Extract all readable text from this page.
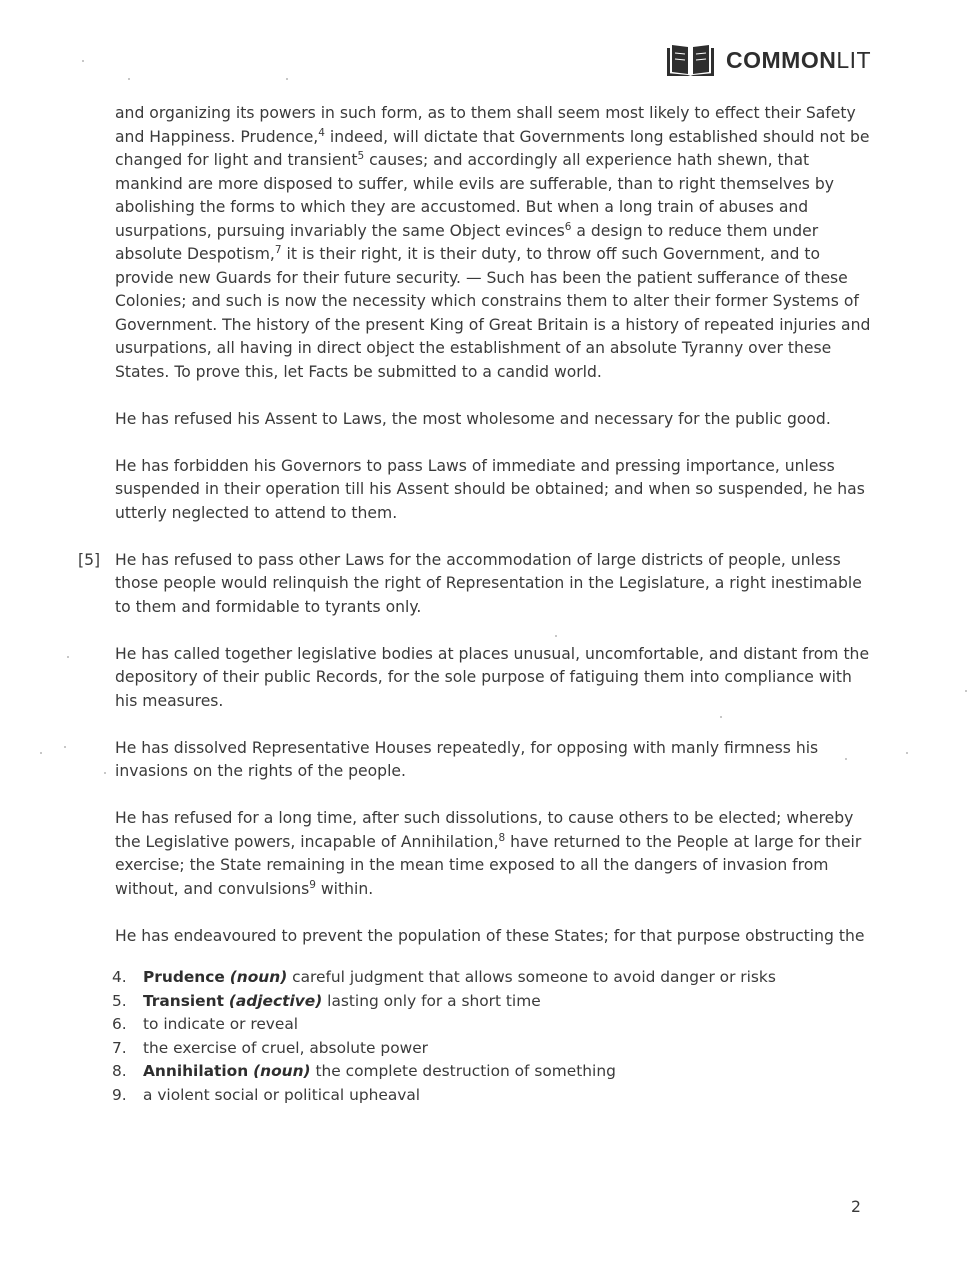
COMMONLIT

and organizing its powers in such form, as to them shall seem most likely to effect their Safety and Happiness. Prudence,$^4$ indeed, will dictate that Governments long established should not be changed for light and transient$^5$ causes; and accordingly all experience hath shewn, that mankind are more disposed to suffer, while evils are sufferable, than to right themselves by abolishing the forms to which they are accustomed. But when a long train of abuses and usurpations, pursuing invariably the same Object evinces$^6$ a design to reduce them under absolute Despotism,$^7$ it is their right, it is their duty, to throw off such Government, and to provide new Guards for their future security. — Such has been the patient sufferance of these Colonies; and such is now the necessity which constrains them to alter their former Systems of Government. The history of the present King of Great Britain is a history of repeated injuries and usurpations, all having in direct object the establishment of an absolute Tyranny over these States. To prove this, let Facts be submitted to a candid world.

He has refused his Assent to Laws, the most wholesome and necessary for the public good.

He has forbidden his Governors to pass Laws of immediate and pressing importance, unless suspended in their operation till his Assent should be obtained; and when so suspended, he has utterly neglected to attend to them.

[5] He has refused to pass other Laws for the accommodation of large districts of people, unless those people would relinquish the right of Representation in the Legislature, a right inestimable to them and formidable to tyrants only.

He has called together legislative bodies at places unusual, uncomfortable, and distant from the depository of their public Records, for the sole purpose of fatiguing them into compliance with his measures.

He has dissolved Representative Houses repeatedly, for opposing with manly firmness his invasions on the rights of the people.

He has refused for a long time, after such dissolutions, to cause others to be elected; whereby the Legislative powers, incapable of Annihilation,$^8$ have returned to the People at large for their exercise; the State remaining in the mean time exposed to all the dangers of invasion from without, and convulsions$^9$ within.

He has endeavoured to prevent the population of these States; for that purpose obstructing the

4.	Prudence (noun) careful judgment that allows someone to avoid danger or risks
5.	Transient (adjective) lasting only for a short time
6.	to indicate or reveal
7.	the exercise of cruel, absolute power
8.	Annihilation (noun) the complete destruction of something
9.	a violent social or political upheaval
2
